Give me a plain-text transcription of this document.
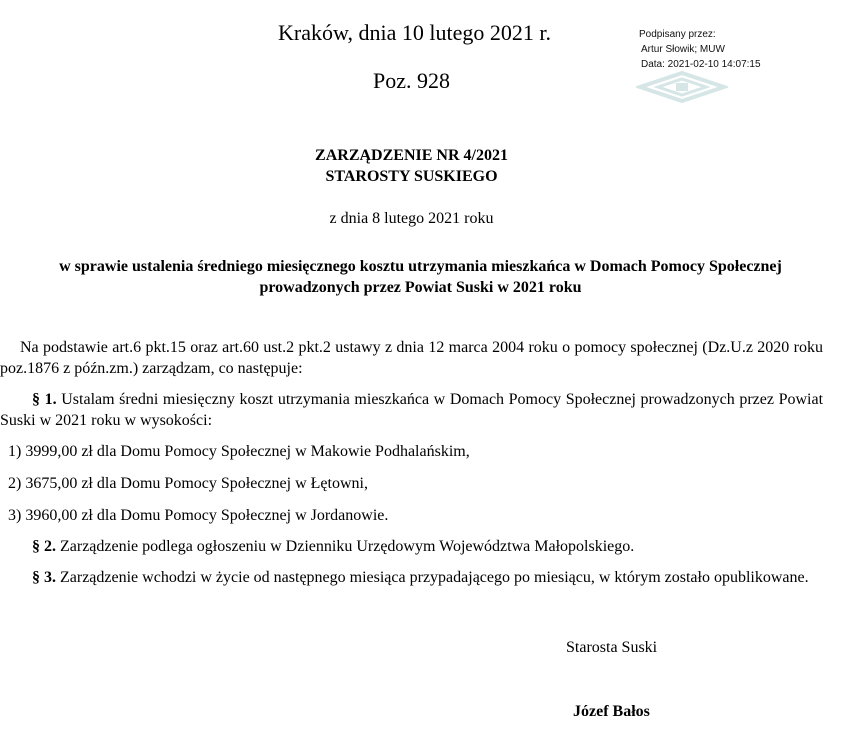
Kraków, dnia 10 lutego 2021 r.
Poz. 928
Podpisany przez:
Artur Słowik; MUW
Data: 2021-02-10 14:07:15
ZARZĄDZENIE NR 4/2021
STAROSTY SUSKIEGO
z dnia 8 lutego 2021 roku
w sprawie ustalenia średniego miesięcznego kosztu utrzymania mieszkańca w Domach Pomocy Społecznej prowadzonych przez Powiat Suski w 2021 roku
Na podstawie art.6 pkt.15 oraz art.60 ust.2 pkt.2 ustawy z dnia 12 marca 2004 roku o pomocy społecznej (Dz.U.z 2020 roku poz.1876 z późn.zm.) zarządzam, co następuje:
§ 1. Ustalam średni miesięczny koszt utrzymania mieszkańca w Domach Pomocy Społecznej prowadzonych przez Powiat Suski w 2021 roku w wysokości:
1) 3999,00 zł dla Domu Pomocy Społecznej w Makowie Podhalańskim,
2) 3675,00 zł dla Domu Pomocy Społecznej w Łętowni,
3) 3960,00 zł dla Domu Pomocy Społecznej w Jordanowie.
§ 2. Zarządzenie podlega ogłoszeniu w Dzienniku Urzędowym Województwa Małopolskiego.
§ 3. Zarządzenie wchodzi w życie od następnego miesiąca przypadającego po miesiącu, w którym zostało opublikowane.
Starosta Suski
Józef Bałos
